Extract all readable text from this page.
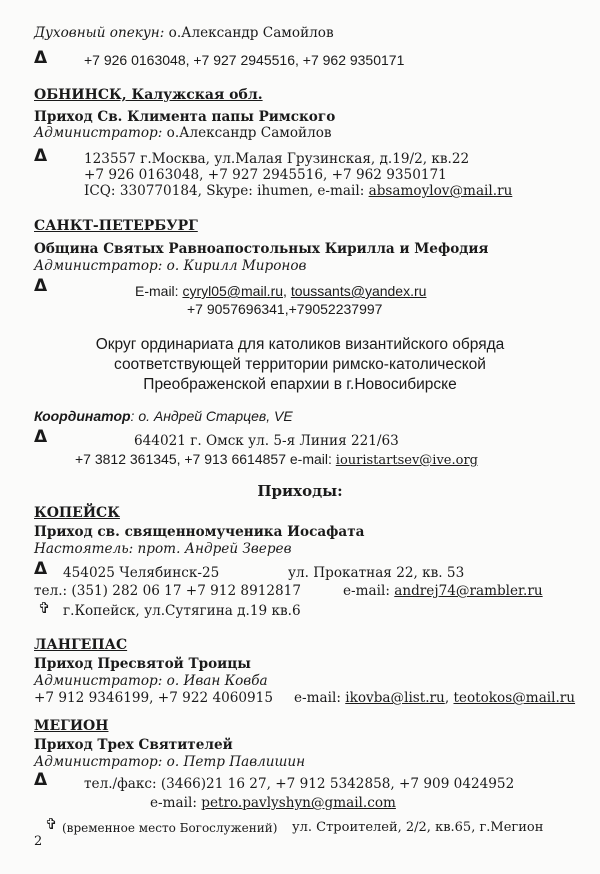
Духовный опекун: о.Александр Самойлов
Δ	+7 926 0163048, +7 927 2945516, +7 962 9350171
ОБНИНСК, Калужская обл.
Приход Св. Климента папы Римского
Администратор: о.Александр Самойлов
Δ	123557 г.Москва, ул.Малая Грузинская, д.19/2, кв.22
+7 926 0163048, +7 927 2945516, +7 962 9350171
ICQ: 330770184, Skype: ihumen, e-mail: absamoylov@mail.ru
САНКТ-ПЕТЕРБУРГ
Община Святых Равноапостольных Кирилла и Мефодия
Администратор: о. Кирилл Миронов
Δ	E-mail: cyryl05@mail.ru, toussants@yandex.ru
+7 9057696341,+79052237997
Округ ординариата для католиков византийского обряда
соответствующей территории римско-католической
Преображенской епархии в г.Новосибирске
Координатор: о. Андрей Старцев, VE
Δ	644021 г. Омск ул. 5-я Линия 221/63
+7 3812 361345, +7 913 6614857 e-mail: iouristartsev@ive.org
Приходы:
КОПЕЙСК
Приход св. священномученика Иосафата
Настоятель: прот. Андрей Зверев
Δ 454025 Челябинск-25	ул. Прокатная 22, кв. 53
тел.: (351) 282 06 17 +7 912 8912817	e-mail: andrej74@rambler.ru
✞ г.Копейск, ул.Сутягина д.19 кв.6
ЛАНГЕПАС
Приход Пресвятой Троицы
Администратор: о. Иван Ковба
+7 912 9346199, +7 922 4060915 e-mail: ikovba@list.ru, teotokos@mail.ru
МЕГИОН
Приход Трех Святителей
Администратор: о. Петр Павлишин
Δ	тел./факс: (3466)21 16 27, +7 912 5342858, +7 909 0424952
e-mail: petro.pavlyshyn@gmail.com
✞ (временное место Богослужений) ул. Строителей, 2/2, кв.65, г.Мегион
2
